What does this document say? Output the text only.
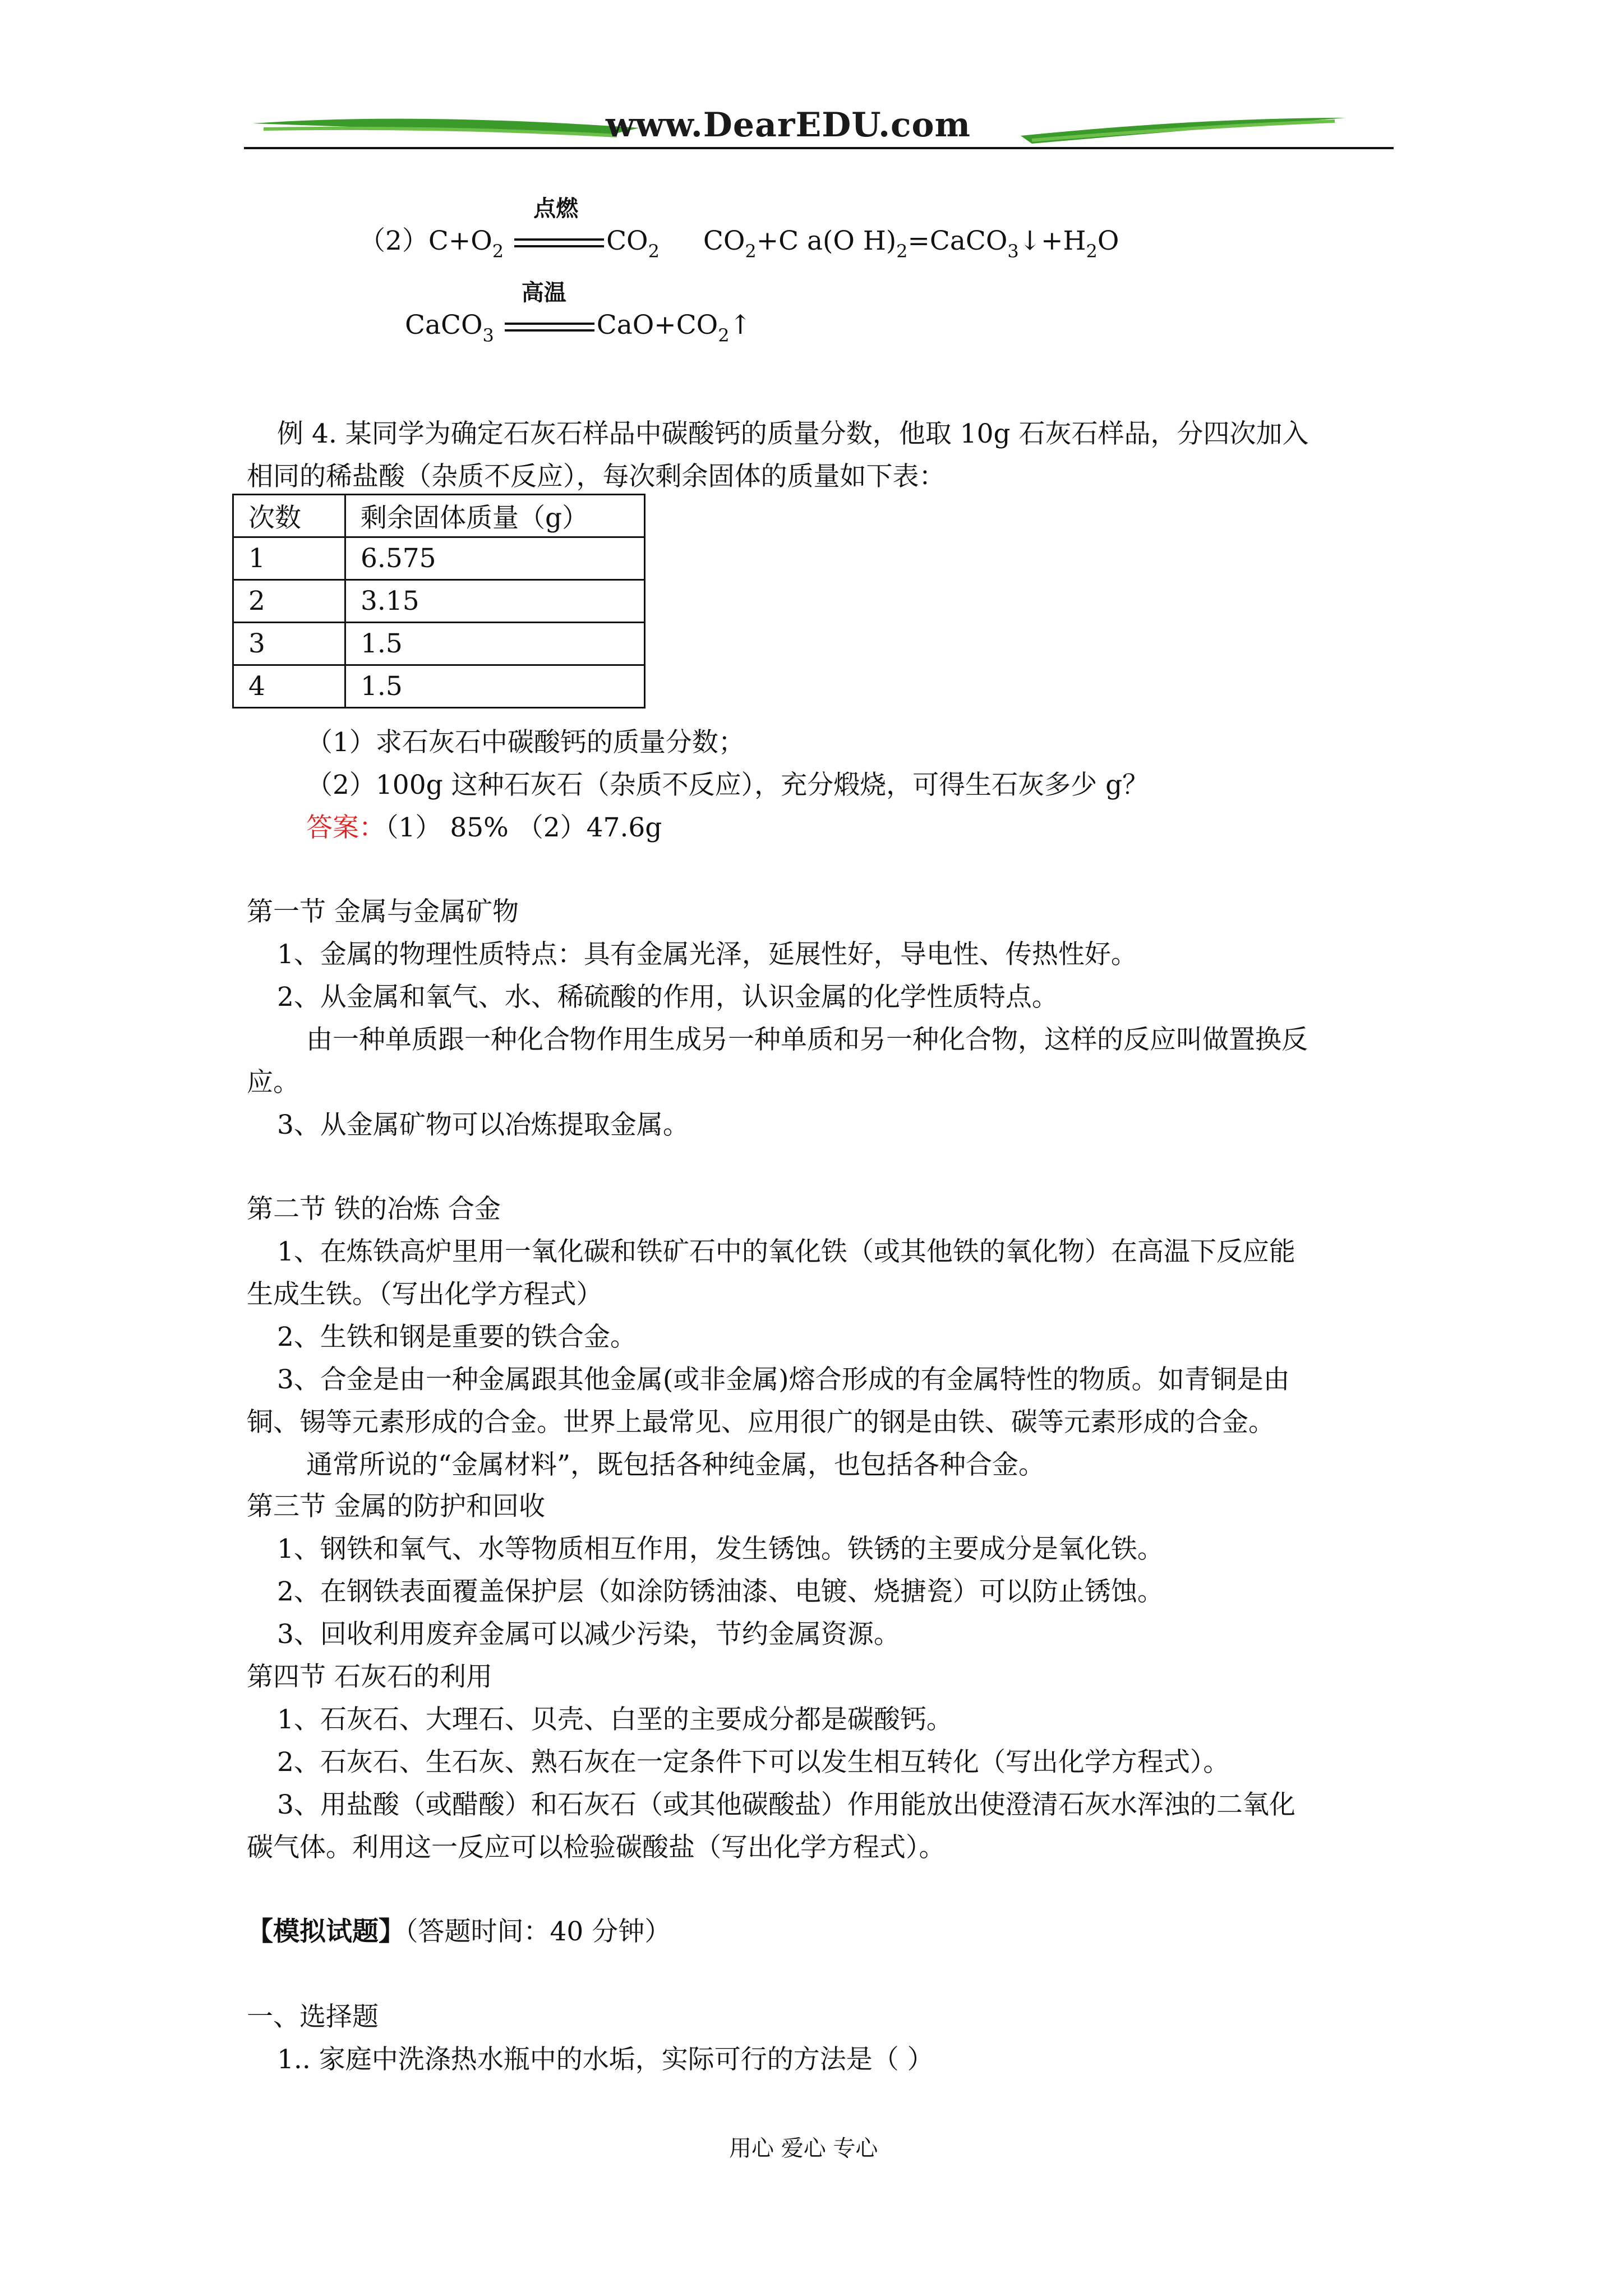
www.DearEDU.com
$(2)C+O_2$
点燃
$CO_2$ $CO_2+C$ a(O $H)_2=CaCO_3↓+H_2O$
CaCO$_3$
高温
$CaO+CO_2↑$
例 4. 某同学为确定石灰石样品中碳酸钙的质量分数，他取 10g 石灰石样品，分四次加入
相同的稀盐酸（杂质不反应），每次剩余固体的质量如下表：
次数	剩余固体质量（g）
1	6.575
2	3.15
3	1.5
4	1.5
（1）求石灰石中碳酸钙的质量分数；
（2）100g 这种石灰石（杂质不反应），充分煅烧，可得生石灰多少 g？
答案：（1） 85% （2）47.6g
第一节 金属与金属矿物
1、金属的物理性质特点：具有金属光泽，延展性好，导电性、传热性好。
2、从金属和氧气、水、稀硫酸的作用，认识金属的化学性质特点。
由一种单质跟一种化合物作用生成另一种单质和另一种化合物，这样的反应叫做置换反
应。
3、从金属矿物可以冶炼提取金属。
第二节 铁的冶炼 合金
1、在炼铁高炉里用一氧化碳和铁矿石中的氧化铁（或其他铁的氧化物）在高温下反应能
生成生铁。（写出化学方程式）
2、生铁和钢是重要的铁合金。
3、合金是由一种金属跟其他金属(或非金属)熔合形成的有金属特性的物质。如青铜是由
铜、锡等元素形成的合金。世界上最常见、应用很广的钢是由铁、碳等元素形成的合金。
通常所说的“金属材料”，既包括各种纯金属，也包括各种合金。
第三节 金属的防护和回收
1、钢铁和氧气、水等物质相互作用，发生锈蚀。铁锈的主要成分是氧化铁。
2、在钢铁表面覆盖保护层（如涂防锈油漆、电镀、烧搪瓷）可以防止锈蚀。
3、回收利用废弃金属可以减少污染，节约金属资源。
第四节 石灰石的利用
1、石灰石、大理石、贝壳、白垩的主要成分都是碳酸钙。
2、石灰石、生石灰、熟石灰在一定条件下可以发生相互转化（写出化学方程式）。
3、用盐酸（或醋酸）和石灰石（或其他碳酸盐）作用能放出使澄清石灰水浑浊的二氧化
碳气体。利用这一反应可以检验碳酸盐（写出化学方程式）。
【模拟试题】（答题时间：40 分钟）
一、选择题
1.. 家庭中洗涤热水瓶中的水垢，实际可行的方法是（ ）
用心 爱心 专心
